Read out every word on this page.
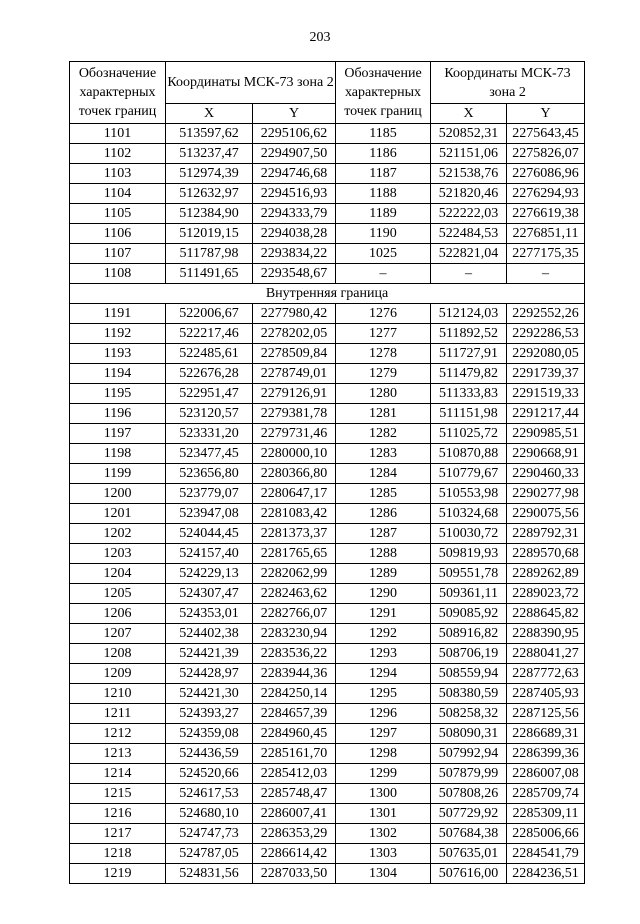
203
Обозначение характерных точек границ	Координаты МСК-73 зона 2		Обозначение характерных точек границ	Координаты МСК-73 зона 2	
	X	Y		X	Y
1101	513597,62	2295106,62	1185	520852,31	2275643,45
1102	513237,47	2294907,50	1186	521151,06	2275826,07
1103	512974,39	2294746,68	1187	521538,76	2276086,96
1104	512632,97	2294516,93	1188	521820,46	2276294,93
1105	512384,90	2294333,79	1189	522222,03	2276619,38
1106	512019,15	2294038,28	1190	522484,53	2276851,11
1107	511787,98	2293834,22	1025	522821,04	2277175,35
1108	511491,65	2293548,67	–	–	–
Внутренняя граница					
1191	522006,67	2277980,42	1276	512124,03	2292552,26
1192	522217,46	2278202,05	1277	511892,52	2292286,53
1193	522485,61	2278509,84	1278	511727,91	2292080,05
1194	522676,28	2278749,01	1279	511479,82	2291739,37
1195	522951,47	2279126,91	1280	511333,83	2291519,33
1196	523120,57	2279381,78	1281	511151,98	2291217,44
1197	523331,20	2279731,46	1282	511025,72	2290985,51
1198	523477,45	2280000,10	1283	510870,88	2290668,91
1199	523656,80	2280366,80	1284	510779,67	2290460,33
1200	523779,07	2280647,17	1285	510553,98	2290277,98
1201	523947,08	2281083,42	1286	510324,68	2290075,56
1202	524044,45	2281373,37	1287	510030,72	2289792,31
1203	524157,40	2281765,65	1288	509819,93	2289570,68
1204	524229,13	2282062,99	1289	509551,78	2289262,89
1205	524307,47	2282463,62	1290	509361,11	2289023,72
1206	524353,01	2282766,07	1291	509085,92	2288645,82
1207	524402,38	2283230,94	1292	508916,82	2288390,95
1208	524421,39	2283536,22	1293	508706,19	2288041,27
1209	524428,97	2283944,36	1294	508559,94	2287772,63
1210	524421,30	2284250,14	1295	508380,59	2287405,93
1211	524393,27	2284657,39	1296	508258,32	2287125,56
1212	524359,08	2284960,45	1297	508090,31	2286689,31
1213	524436,59	2285161,70	1298	507992,94	2286399,36
1214	524520,66	2285412,03	1299	507879,99	2286007,08
1215	524617,53	2285748,47	1300	507808,26	2285709,74
1216	524680,10	2286007,41	1301	507729,92	2285309,11
1217	524747,73	2286353,29	1302	507684,38	2285006,66
1218	524787,05	2286614,42	1303	507635,01	2284541,79
1219	524831,56	2287033,50	1304	507616,00	2284236,51
